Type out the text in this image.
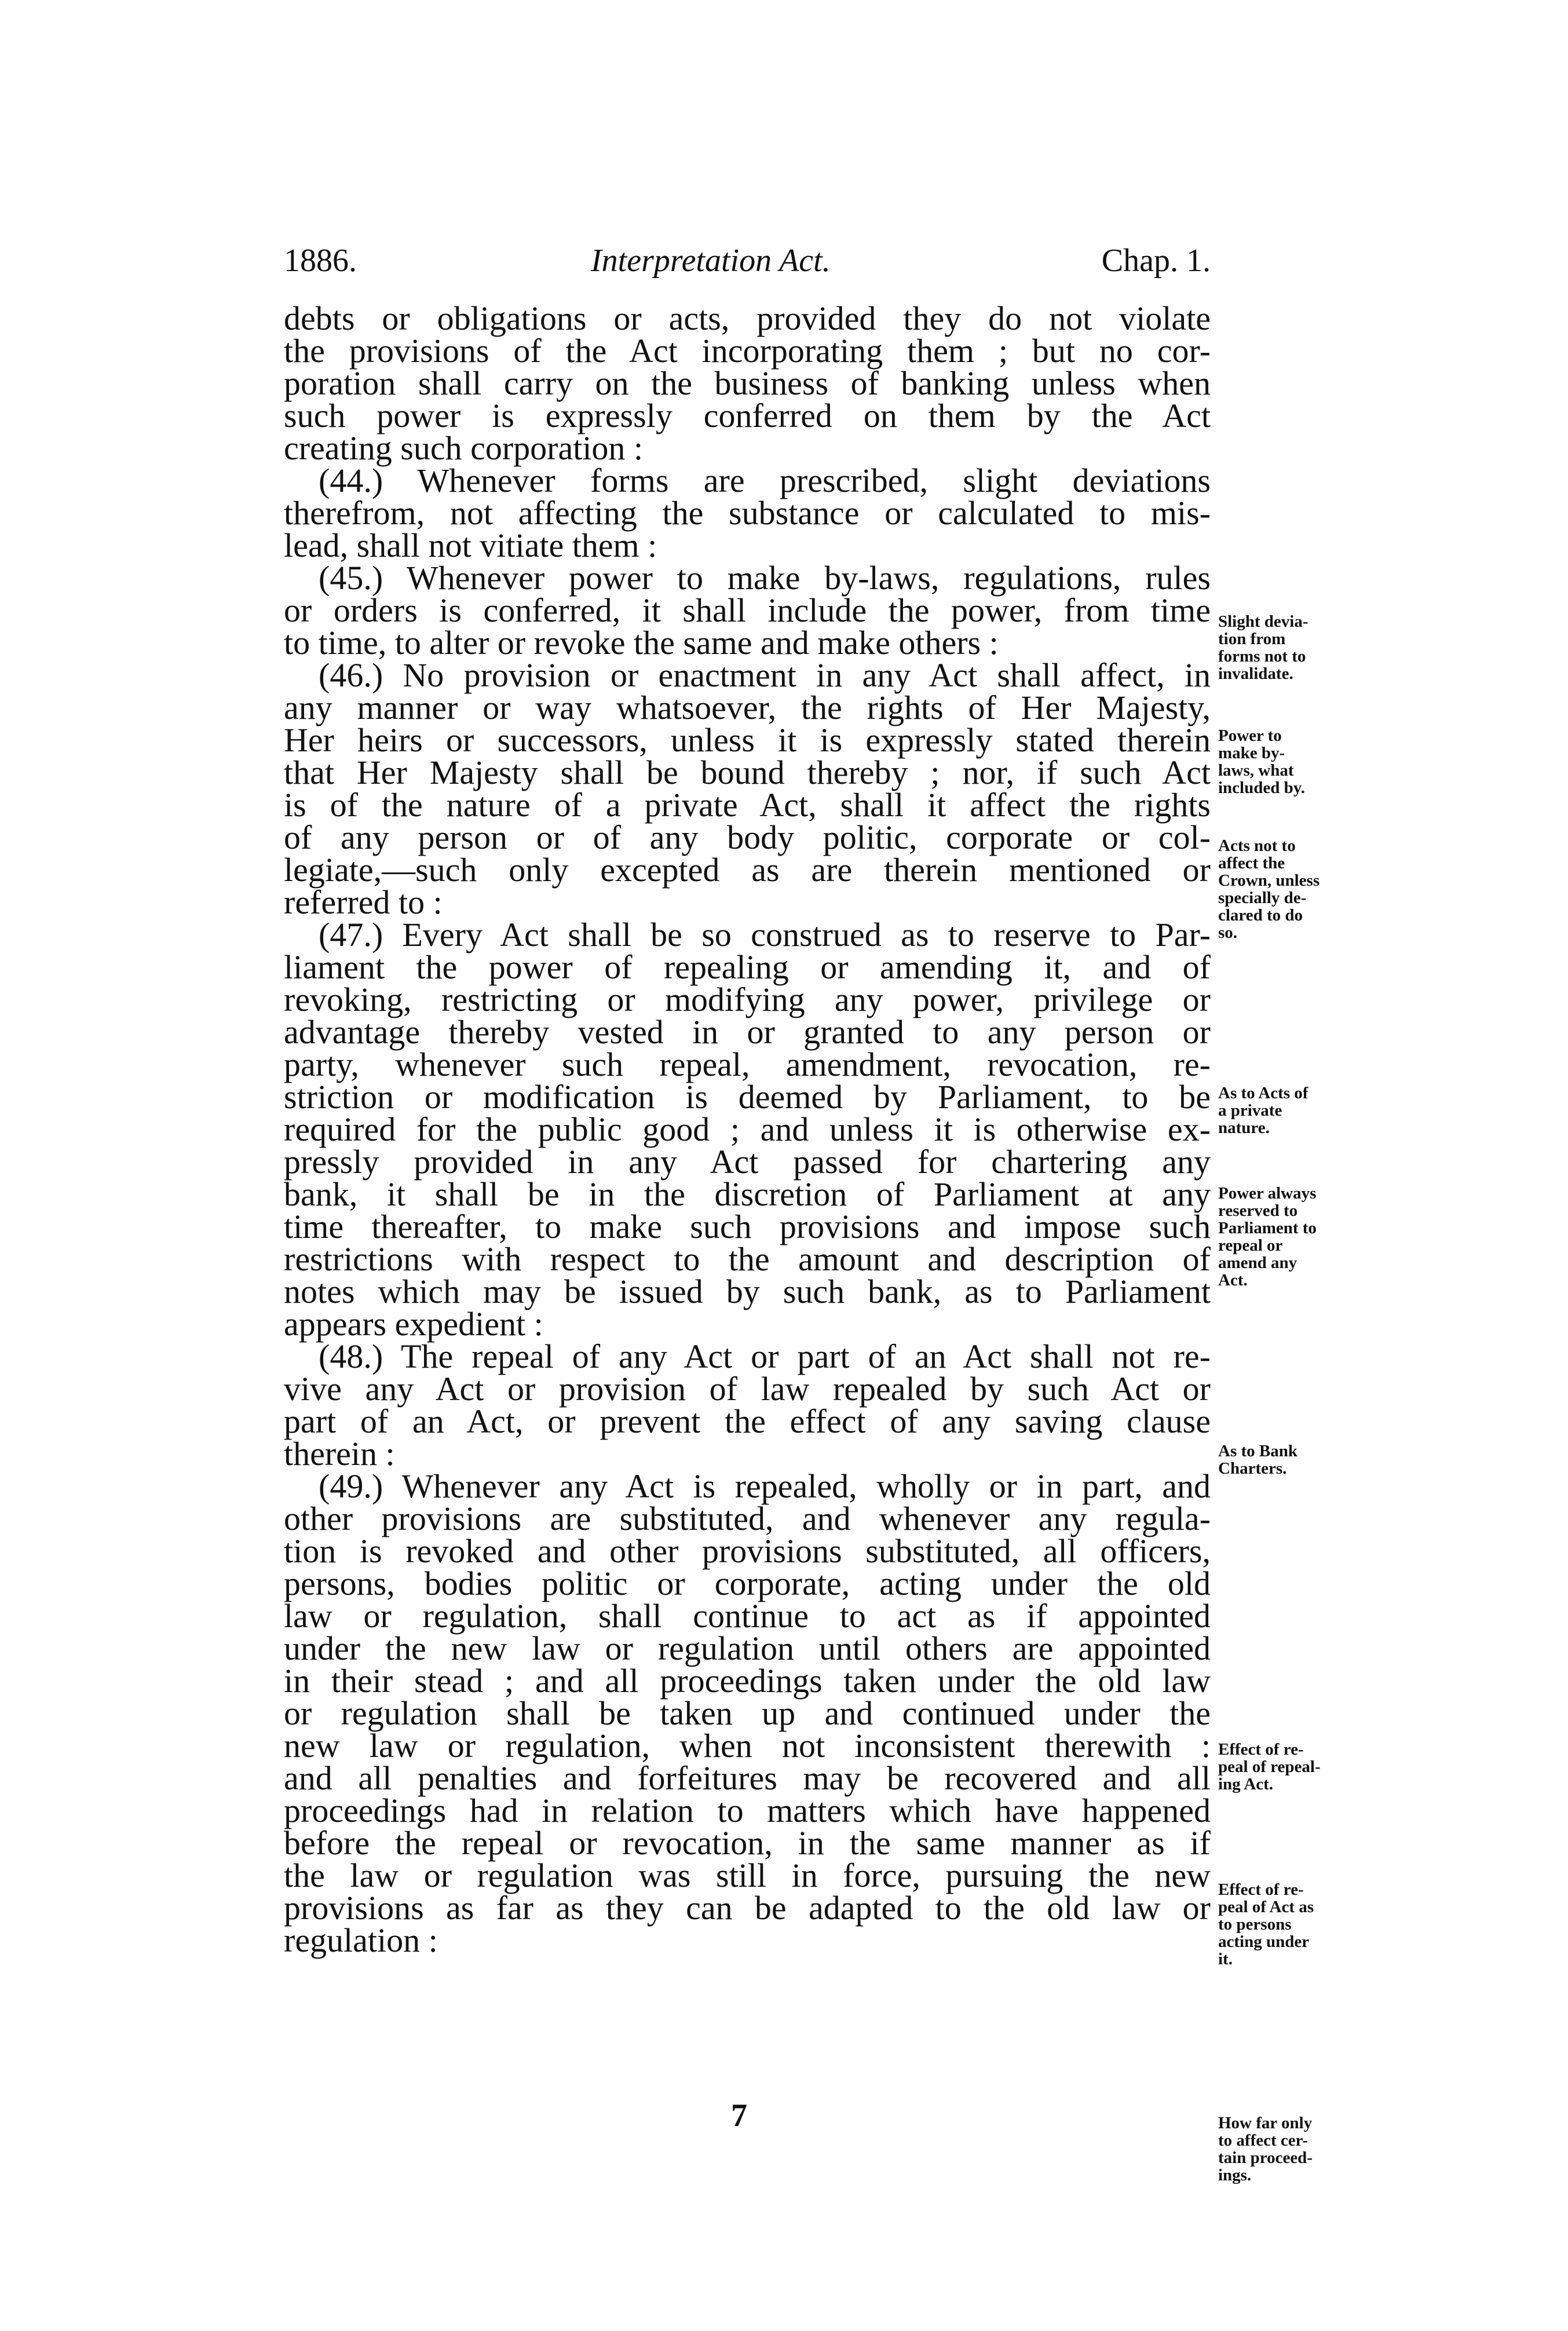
1886.	Interpretation Act.	Chap. 1.
debts or obligations or acts, provided they do not violate
the provisions of the Act incorporating them ; but no cor-
poration shall carry on the business of banking unless when
such power is expressly conferred on them by the Act
creating such corporation :
(44.) Whenever forms are prescribed, slight deviations
therefrom, not affecting the substance or calculated to mis-
lead, shall not vitiate them :
(45.) Whenever power to make by-laws, regulations, rules
or orders is conferred, it shall include the power, from time
to time, to alter or revoke the same and make others :
(46.) No provision or enactment in any Act shall affect, in
any manner or way whatsoever, the rights of Her Majesty,
Her heirs or successors, unless it is expressly stated therein
that Her Majesty shall be bound thereby ; nor, if such Act
is of the nature of a private Act, shall it affect the rights
of any person or of any body politic, corporate or col-
legiate,—such only excepted as are therein mentioned or
referred to :
(47.) Every Act shall be so construed as to reserve to Par-
liament the power of repealing or amending it, and of
revoking, restricting or modifying any power, privilege or
advantage thereby vested in or granted to any person or
party, whenever such repeal, amendment, revocation, re-
striction or modification is deemed by Parliament, to be
required for the public good ; and unless it is otherwise ex-
pressly provided in any Act passed for chartering any
bank, it shall be in the discretion of Parliament at any
time thereafter, to make such provisions and impose such
restrictions with respect to the amount and description of
notes which may be issued by such bank, as to Parliament
appears expedient :
(48.) The repeal of any Act or part of an Act shall not re-
vive any Act or provision of law repealed by such Act or
part of an Act, or prevent the effect of any saving clause
therein :
(49.) Whenever any Act is repealed, wholly or in part, and
other provisions are substituted, and whenever any regula-
tion is revoked and other provisions substituted, all officers,
persons, bodies politic or corporate, acting under the old
law or regulation, shall continue to act as if appointed
under the new law or regulation until others are appointed
in their stead ; and all proceedings taken under the old law
or regulation shall be taken up and continued under the
new law or regulation, when not inconsistent therewith :
and all penalties and forfeitures may be recovered and all
proceedings had in relation to matters which have happened
before the repeal or revocation, in the same manner as if
the law or regulation was still in force, pursuing the new
provisions as far as they can be adapted to the old law or
regulation :
Slight devia-
tion from
forms not to
invalidate.
Power to
make by-
laws, what
included by.
Acts not to
affect the
Crown, unless
specially de-
clared to do
so.
As to Acts of
a private
nature.
Power always
reserved to
Parliament to
repeal or
amend any
Act.
As to Bank
Charters.
Effect of re-
peal of repeal-
ing Act.
Effect of re-
peal of Act as
to persons
acting under
it.
How far only
to affect cer-
tain proceed-
ings.
7
